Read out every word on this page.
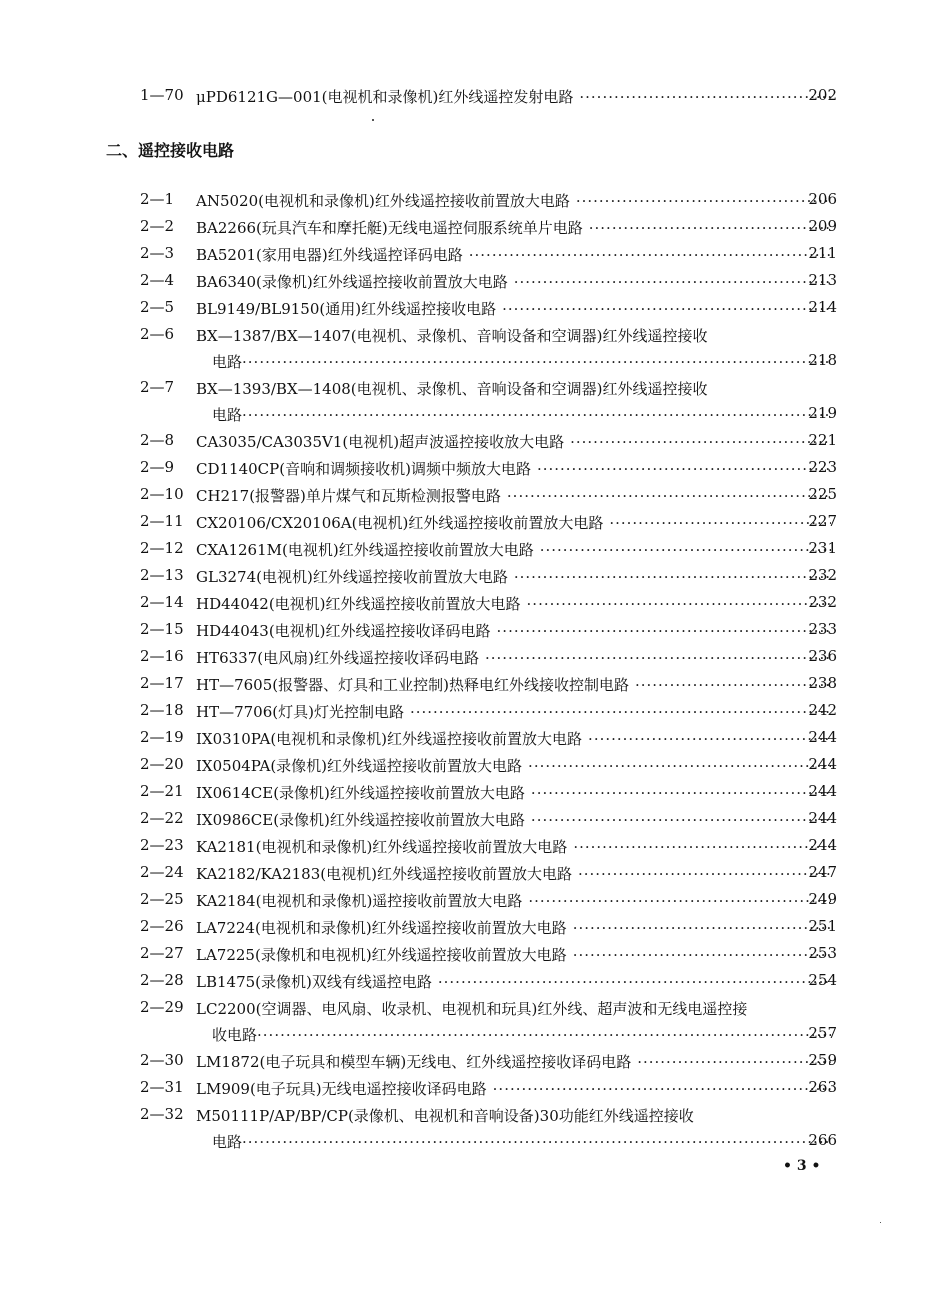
1—70 μPD6121G—001(电视机和录像机)红外线遥控发射电路 ·····	202
二、遥控接收电路
2—1 AN5020(电视机和录像机)红外线遥控接收前置放大电路 ·····	206
2—2 BA2266(玩具汽车和摩托艇)无线电遥控伺服系统单片电路 ·····	209
2—3 BA5201(家用电器)红外线遥控译码电路 ·····	211
2—4 BA6340(录像机)红外线遥控接收前置放大电路 ·····	213
2—5 BL9149/BL9150(通用)红外线遥控接收电路 ·····	214
2—6 BX—1387/BX—1407(电视机、录像机、音响设备和空调器)红外线遥控接收
电路 ·····	218
2—7 BX—1393/BX—1408(电视机、录像机、音响设备和空调器)红外线遥控接收
电路 ·····	219
2—8 CA3035/CA3035V1(电视机)超声波遥控接收放大电路 ·····	221
2—9 CD1140CP(音响和调频接收机)调频中频放大电路 ·····	223
2—10 CH217(报警器)单片煤气和瓦斯检测报警电路 ·····	225
2—11 CX20106/CX20106A(电视机)红外线遥控接收前置放大电路 ·····	227
2—12 CXA1261M(电视机)红外线遥控接收前置放大电路 ·····	231
2—13 GL3274(电视机)红外线遥控接收前置放大电路 ·····	232
2—14 HD44042(电视机)红外线遥控接收前置放大电路 ·····	232
2—15 HD44043(电视机)红外线遥控接收译码电路 ·····	233
2—16 HT6337(电风扇)红外线遥控接收译码电路 ·····	236
2—17 HT—7605(报警器、灯具和工业控制)热释电红外线接收控制电路 ·····	238
2—18 HT—7706(灯具)灯光控制电路 ·····	242
2—19 IX0310PA(电视机和录像机)红外线遥控接收前置放大电路 ·····	244
2—20 IX0504PA(录像机)红外线遥控接收前置放大电路 ·····	244
2—21 IX0614CE(录像机)红外线遥控接收前置放大电路 ·····	244
2—22 IX0986CE(录像机)红外线遥控接收前置放大电路 ·····	244
2—23 KA2181(电视机和录像机)红外线遥控接收前置放大电路 ·····	244
2—24 KA2182/KA2183(电视机)红外线遥控接收前置放大电路 ·····	247
2—25 KA2184(电视机和录像机)遥控接收前置放大电路 ·····	249
2—26 LA7224(电视机和录像机)红外线遥控接收前置放大电路 ·····	251
2—27 LA7225(录像机和电视机)红外线遥控接收前置放大电路 ·····	253
2—28 LB1475(录像机)双线有线遥控电路 ·····	254
2—29 LC2200(空调器、电风扇、收录机、电视机和玩具)红外线、超声波和无线电遥控接
收电路 ·····	257
2—30 LM1872(电子玩具和模型车辆)无线电、红外线遥控接收译码电路 ·····	259
2—31 LM909(电子玩具)无线电遥控接收译码电路 ·····	263
2—32 M50111P/AP/BP/CP(录像机、电视机和音响设备)30功能红外线遥控接收
电路 ·····	266
• 3 •
